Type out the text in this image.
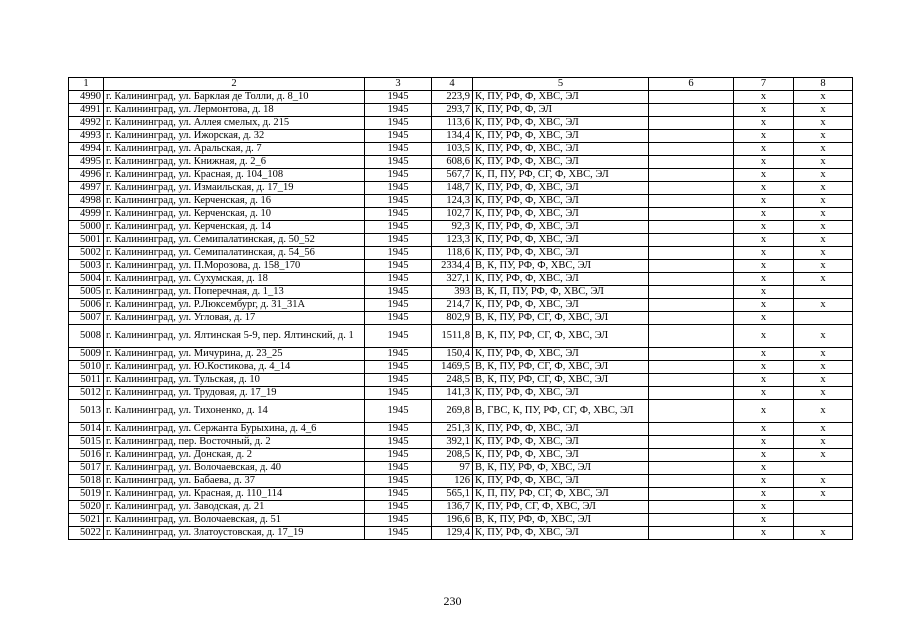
1	2	3	4	5	6	7	8
4990	г. Калининград, ул. Барклая де Толли, д. 8_10	1945	223,9	К, ПУ, РФ, Ф, ХВС, ЭЛ		x	x
4991	г. Калининград, ул. Лермонтова, д. 18	1945	293,7	К, ПУ, РФ, Ф, ЭЛ		x	x
4992	г. Калининград, ул. Аллея смелых, д. 215	1945	113,6	К, ПУ, РФ, Ф, ХВС, ЭЛ		x	x
4993	г. Калининград, ул. Ижорская, д. 32	1945	134,4	К, ПУ, РФ, Ф, ХВС, ЭЛ		x	x
4994	г. Калининград, ул. Аральская, д. 7	1945	103,5	К, ПУ, РФ, Ф, ХВС, ЭЛ		x	x
4995	г. Калининград, ул. Книжная, д. 2_6	1945	608,6	К, ПУ, РФ, Ф, ХВС, ЭЛ		x	x
4996	г. Калининград, ул. Красная, д. 104_108	1945	567,7	К, П, ПУ, РФ, СГ, Ф, ХВС, ЭЛ		x	x
4997	г. Калининград, ул. Измаильская, д. 17_19	1945	148,7	К, ПУ, РФ, Ф, ХВС, ЭЛ		x	x
4998	г. Калининград, ул. Керченская, д. 16	1945	124,3	К, ПУ, РФ, Ф, ХВС, ЭЛ		x	x
4999	г. Калининград, ул. Керченская, д. 10	1945	102,7	К, ПУ, РФ, Ф, ХВС, ЭЛ		x	x
5000	г. Калининград, ул. Керченская, д. 14	1945	92,3	К, ПУ, РФ, Ф, ХВС, ЭЛ		x	x
5001	г. Калининград, ул. Семипалатинская, д. 50_52	1945	123,3	К, ПУ, РФ, Ф, ХВС, ЭЛ		x	x
5002	г. Калининград, ул. Семипалатинская, д. 54_56	1945	118,6	К, ПУ, РФ, Ф, ХВС, ЭЛ		x	x
5003	г. Калининград, ул. П.Морозова, д. 158_170	1945	2334,4	В, К, ПУ, РФ, Ф, ХВС, ЭЛ		x	x
5004	г. Калининград, ул. Сухумская, д. 18	1945	327,1	К, ПУ, РФ, Ф, ХВС, ЭЛ		x	x
5005	г. Калининград, ул. Поперечная, д. 1_13	1945	393	В, К, П, ПУ, РФ, Ф, ХВС, ЭЛ		x	
5006	г. Калининград, ул. Р.Люксембург, д. 31_31А	1945	214,7	К, ПУ, РФ, Ф, ХВС, ЭЛ		x	x
5007	г. Калининград, ул. Угловая, д. 17	1945	802,9	В, К, ПУ, РФ, СГ, Ф, ХВС, ЭЛ		x	
5008	г. Калининград, ул. Ялтинская 5-9, пер. Ялтинский, д. 1	1945	1511,8	В, К, ПУ, РФ, СГ, Ф, ХВС, ЭЛ		x	x
5009	г. Калининград, ул. Мичурина, д. 23_25	1945	150,4	К, ПУ, РФ, Ф, ХВС, ЭЛ		x	x
5010	г. Калининград, ул. Ю.Костикова, д. 4_14	1945	1469,5	В, К, ПУ, РФ, СГ, Ф, ХВС, ЭЛ		x	x
5011	г. Калининград, ул. Тульская, д. 10	1945	248,5	В, К, ПУ, РФ, СГ, Ф, ХВС, ЭЛ		x	x
5012	г. Калининград, ул. Трудовая, д. 17_19	1945	141,3	К, ПУ, РФ, Ф, ХВС, ЭЛ		x	x
5013	г. Калининград, ул. Тихоненко, д. 14	1945	269,8	В, ГВС, К, ПУ, РФ, СГ, Ф, ХВС, ЭЛ		x	x
5014	г. Калининград, ул. Сержанта Бурыхина, д. 4_6	1945	251,3	К, ПУ, РФ, Ф, ХВС, ЭЛ		x	x
5015	г. Калининград, пер. Восточный, д. 2	1945	392,1	К, ПУ, РФ, Ф, ХВС, ЭЛ		x	x
5016	г. Калининград, ул. Донская, д. 2	1945	208,5	К, ПУ, РФ, Ф, ХВС, ЭЛ		x	x
5017	г. Калининград, ул. Волочаевская, д. 40	1945	97	В, К, ПУ, РФ, Ф, ХВС, ЭЛ		x	
5018	г. Калининград, ул. Бабаева, д. 37	1945	126	К, ПУ, РФ, Ф, ХВС, ЭЛ		x	x
5019	г. Калининград, ул. Красная, д. 110_114	1945	565,1	К, П, ПУ, РФ, СГ, Ф, ХВС, ЭЛ		x	x
5020	г. Калининград, ул. Заводская, д. 21	1945	136,7	К, ПУ, РФ, СГ, Ф, ХВС, ЭЛ		x	
5021	г. Калининград, ул. Волочаевская, д. 51	1945	196,6	В, К, ПУ, РФ, Ф, ХВС, ЭЛ		x	
5022	г. Калининград, ул. Златоустовская, д. 17_19	1945	129,4	К, ПУ, РФ, Ф, ХВС, ЭЛ		x	x
230
